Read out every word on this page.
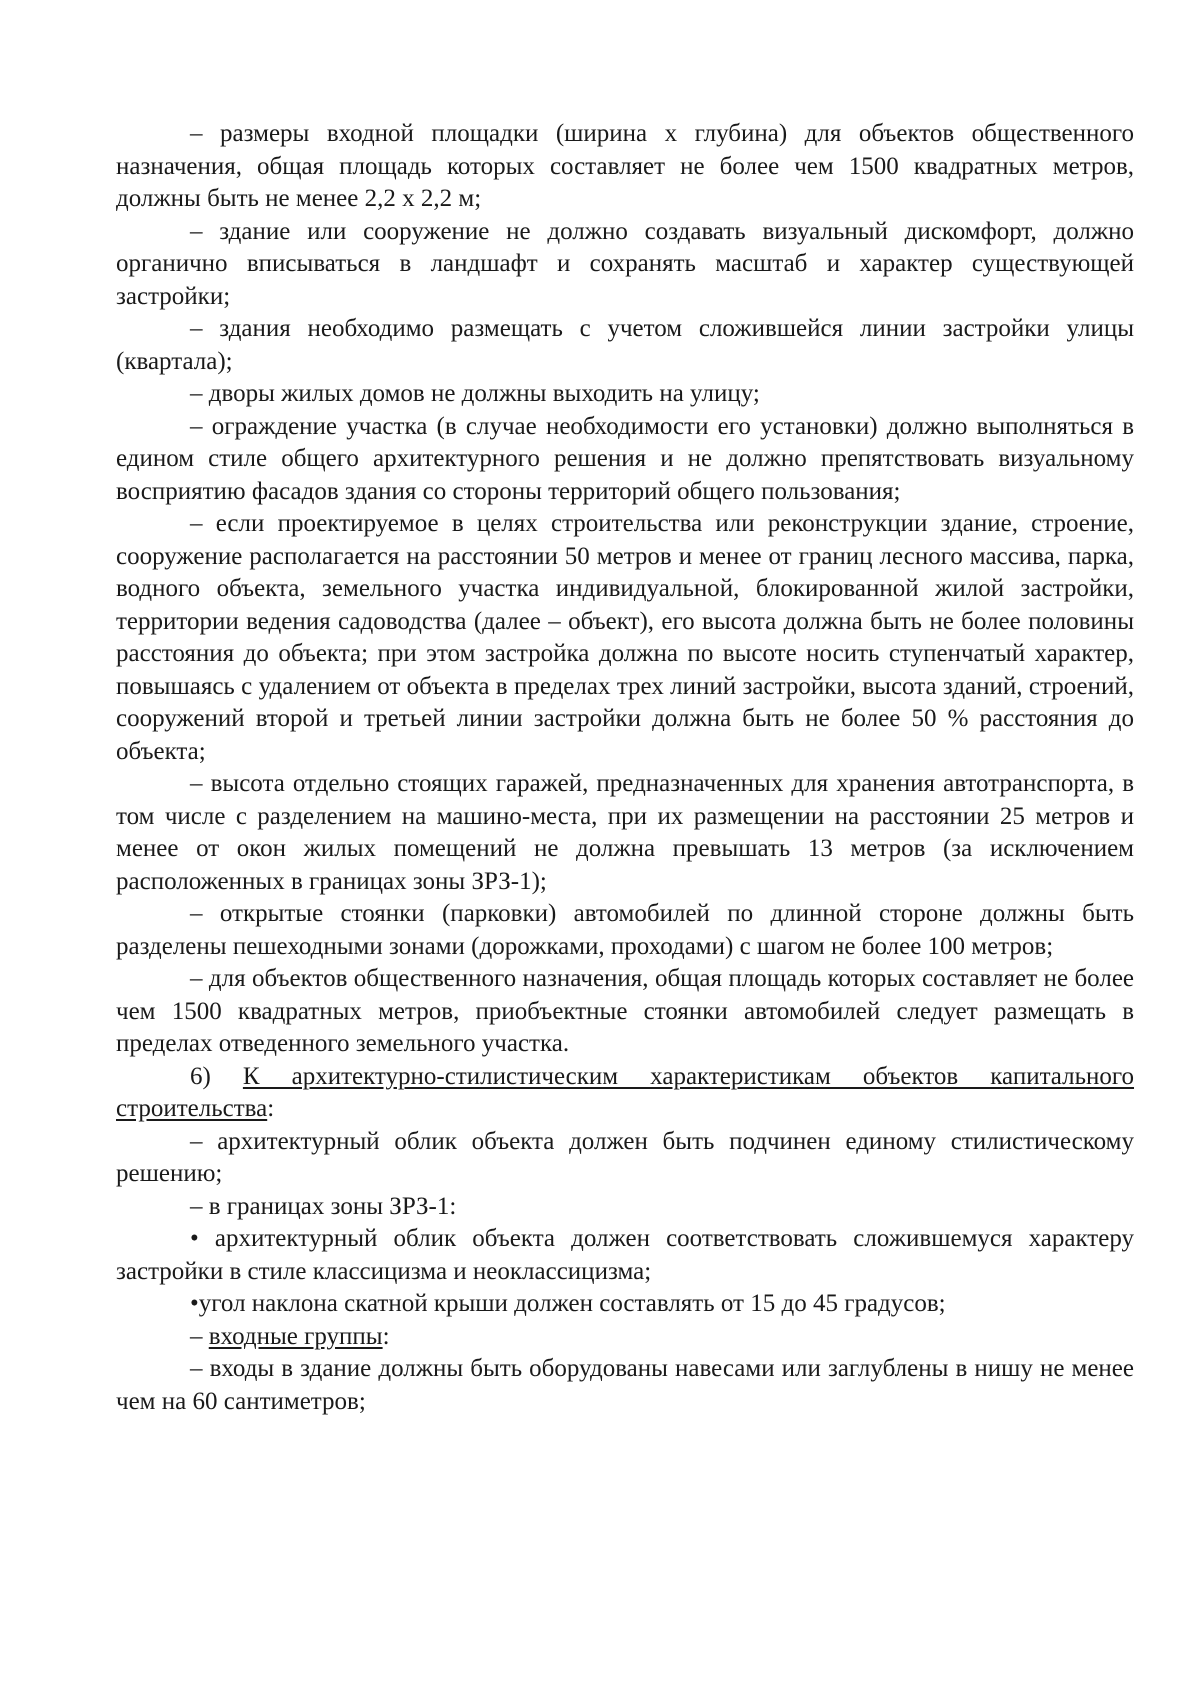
– размеры входной площадки (ширина х глубина) для объектов общественного назначения, общая площадь которых составляет не более чем 1500 квадратных метров, должны быть не менее 2,2 х 2,2 м;

– здание или сооружение не должно создавать визуальный дискомфорт, должно органично вписываться в ландшафт и сохранять масштаб и характер существующей застройки;

– здания необходимо размещать с учетом сложившейся линии застройки улицы (квартала);

– дворы жилых домов не должны выходить на улицу;

– ограждение участка (в случае необходимости его установки) должно выполняться в едином стиле общего архитектурного решения и не должно препятствовать визуальному восприятию фасадов здания со стороны территорий общего пользования;

– если проектируемое в целях строительства или реконструкции здание, строение, сооружение располагается на расстоянии 50 метров и менее от границ лесного массива, парка, водного объекта, земельного участка индивидуальной, блокированной жилой застройки, территории ведения садоводства (далее – объект), его высота должна быть не более половины расстояния до объекта; при этом застройка должна по высоте носить ступенчатый характер, повышаясь с удалением от объекта в пределах трех линий застройки, высота зданий, строений, сооружений второй и третьей линии застройки должна быть не более 50 % расстояния до объекта;

– высота отдельно стоящих гаражей, предназначенных для хранения автотранспорта, в том числе с разделением на машино-места, при их размещении на расстоянии 25 метров и менее от окон жилых помещений не должна превышать 13 метров (за исключением расположенных в границах зоны ЗРЗ-1);

– открытые стоянки (парковки) автомобилей по длинной стороне должны быть разделены пешеходными зонами (дорожками, проходами) с шагом не более 100 метров;

– для объектов общественного назначения, общая площадь которых составляет не более чем 1500 квадратных метров, приобъектные стоянки автомобилей следует размещать в пределах отведенного земельного участка.

6) К архитектурно-стилистическим характеристикам объектов капитального строительства:

– архитектурный облик объекта должен быть подчинен единому стилистическому решению;

– в границах зоны ЗРЗ-1:

• архитектурный облик объекта должен соответствовать сложившемуся характеру застройки в стиле классицизма и неоклассицизма;

•угол наклона скатной крыши должен составлять от 15 до 45 градусов;

– входные группы:

– входы в здание должны быть оборудованы навесами или заглублены в нишу не менее чем на 60 сантиметров;
